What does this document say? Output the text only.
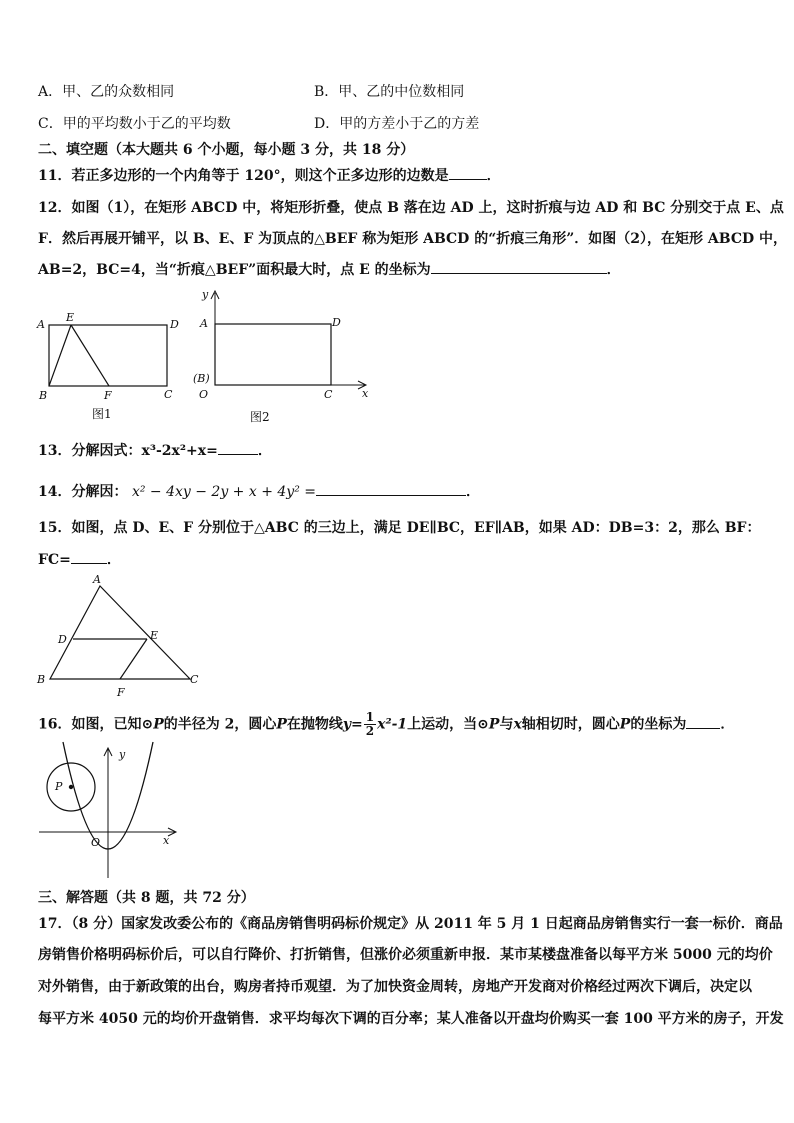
A．甲、乙的众数相同	B．甲、乙的中位数相同
C．甲的平均数小于乙的平均数	D．甲的方差小于乙的方差
二、填空题（本大题共 6 个小题，每小题 3 分，共 18 分）
11．若正多边形的一个内角等于 120°，则这个正多边形的边数是	．
12．如图（1），在矩形 ABCD 中，将矩形折叠，使点 B 落在边 AD 上，这时折痕与边 AD 和 BC 分别交于点 E、点
F．然后再展开铺平，以 B、E、F 为顶点的△BEF 称为矩形 ABCD 的“折痕三角形”．如图（2），在矩形 ABCD 中，
AB=2，BC=4，当“折痕△BEF”面积最大时，点 E 的坐标为	．
A
E
D
B	F	C
图1
y
A	D
(B)
O	C	x
图2
13．分解因式：x³-2x²+x=	．
14．分解因： x² − 4xy − 2y + x + 4y² =	．
15．如图，点 D、E、F 分别位于△ABC 的三边上，满足 DE∥BC，EF∥AB，如果 AD：DB=3：2，那么 BF：
FC=	．
A
D	E
B
F
C
16．如图，已知⊙P的半径为 2，圆心P在抛物线$y= \frac{1}{2} x^2-1$上运动，当⊙P与x轴相切时，圆心P的坐标为 ．
y
P
O	x
三、解答题（共 8 题，共 72 分）
17．（8 分）国家发改委公布的《商品房销售明码标价规定》从 2011 年 5 月 1 日起商品房销售实行一套一标价．商品
房销售价格明码标价后，可以自行降价、打折销售，但涨价必须重新申报．某市某楼盘准备以每平方米 5000 元的均价
对外销售，由于新政策的出台，购房者持币观望．为了加快资金周转，房地产开发商对价格经过两次下调后，决定以
每平方米 4050 元的均价开盘销售．求平均每次下调的百分率；某人准备以开盘均价购买一套 100 平方米的房子，开发
